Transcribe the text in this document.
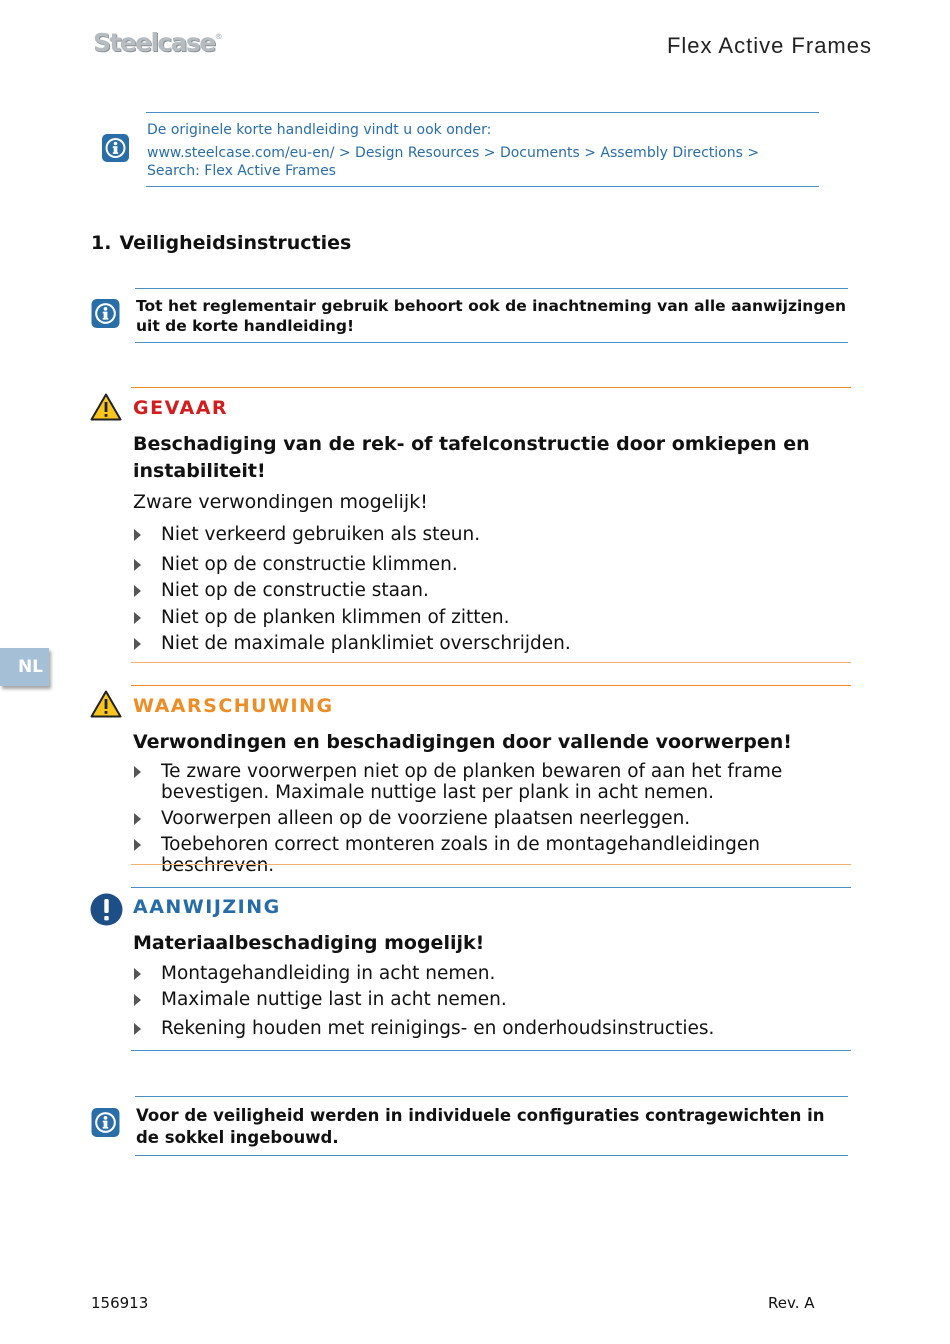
Steelcase®	Flex Active Frames
De originele korte handleiding vindt u ook onder:
www.steelcase.com/eu-en/ > Design Resources > Documents > Assembly Directions > Search: Flex Active Frames
1. Veiligheidsinstructies
Tot het reglementair gebruik behoort ook de inachtneming van alle aanwijzingen uit de korte handleiding!
GEVAAR
Beschadiging van de rek- of tafelconstructie door omkiepen en instabiliteit!
Zware verwondingen mogelijk!
Niet verkeerd gebruiken als steun.
Niet op de constructie klimmen.
Niet op de constructie staan.
Niet op de planken klimmen of zitten.
Niet de maximale planklimiet overschrijden.
NL
WAARSCHUWING
Verwondingen en beschadigingen door vallende voorwerpen!
Te zware voorwerpen niet op de planken bewaren of aan het frame bevestigen. Maximale nuttige last per plank in acht nemen.
Voorwerpen alleen op de voorziene plaatsen neerleggen.
Toebehoren correct monteren zoals in de montagehandleidingen beschreven.
AANWIJZING
Materiaalbeschadiging mogelijk!
Montagehandleiding in acht nemen.
Maximale nuttige last in acht nemen.
Rekening houden met reinigings- en onderhoudsinstructies.
Voor de veiligheid werden in individuele configuraties contragewichten in de sokkel ingebouwd.
156913	Rev. A
